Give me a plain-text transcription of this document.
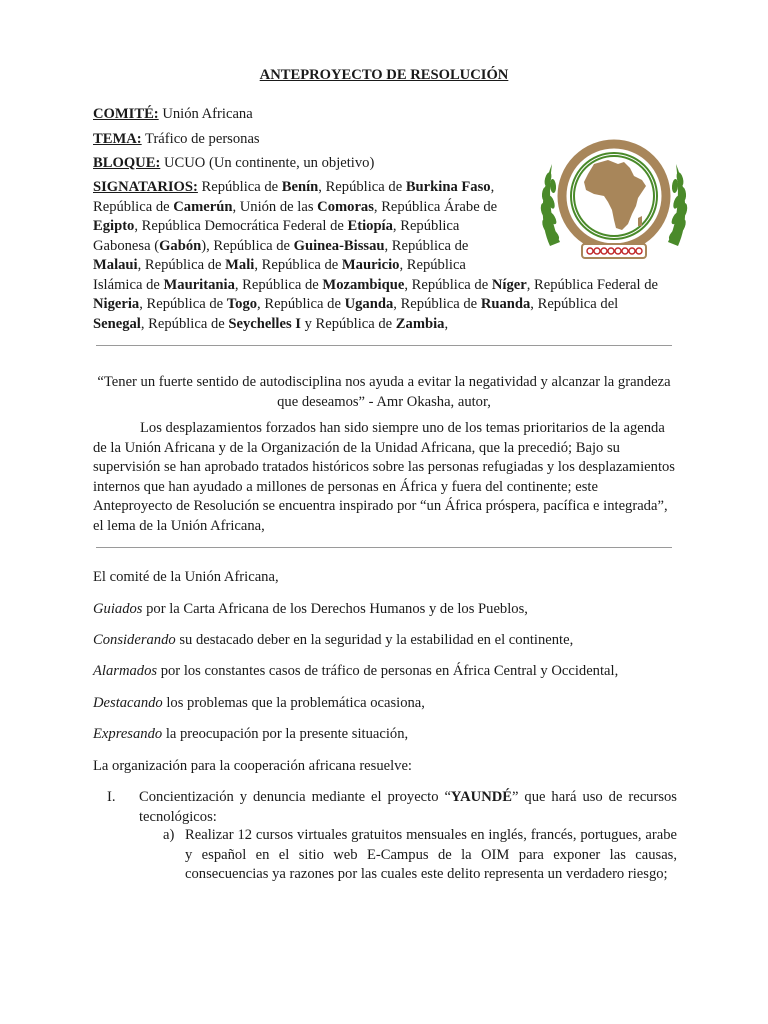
ANTEPROYECTO DE RESOLUCIÓN
COMITÉ: Unión Africana
TEMA: Tráfico de personas
BLOQUE: UCUO (Un continente, un objetivo)
SIGNATARIOS: República de Benín, República de Burkina Faso, República de Camerún, Unión de las Comoras, República Árabe de Egipto, República Democrática Federal de Etiopía, República Gabonesa (Gabón), República de Guinea-Bissau, República de Malaui, República de Mali, República de Mauricio, República Islámica de Mauritania, República de Mozambique, República de Níger, República Federal de Nigeria, República de Togo, República de Uganda, República de Ruanda, República del Senegal, República de Seychelles I y República de Zambia,
“Tener un fuerte sentido de autodisciplina nos ayuda a evitar la negatividad y alcanzar la grandeza que deseamos” - Amr Okasha, autor,
Los desplazamientos forzados han sido siempre uno de los temas prioritarios de la agenda de la Unión Africana y de la Organización de la Unidad Africana, que la precedió; Bajo su supervisión se han aprobado tratados históricos sobre las personas refugiadas y los desplazamientos internos que han ayudado a millones de personas en África y fuera del continente; este Anteproyecto de Resolución se encuentra inspirado por “un África próspera, pacífica e integrada”, el lema de la Unión Africana,
El comité de la Unión Africana,
Guiados por la Carta Africana de los Derechos Humanos y de los Pueblos,
Considerando su destacado deber en la seguridad y la estabilidad en el continente,
Alarmados por los constantes casos de tráfico de personas en África Central y Occidental,
Destacando los problemas que la problemática ocasiona,
Expresando la preocupación por la presente situación,
La organización para la cooperación africana resuelve:
I. Concientización y denuncia mediante el proyecto “YAUNDÉ” que hará uso de recursos tecnológicos:
a) Realizar 12 cursos virtuales gratuitos mensuales en inglés, francés, portugues, arabe y español en el sitio web E-Campus de la OIM para exponer las causas, consecuencias ya razones por las cuales este delito representa un verdadero riesgo;
